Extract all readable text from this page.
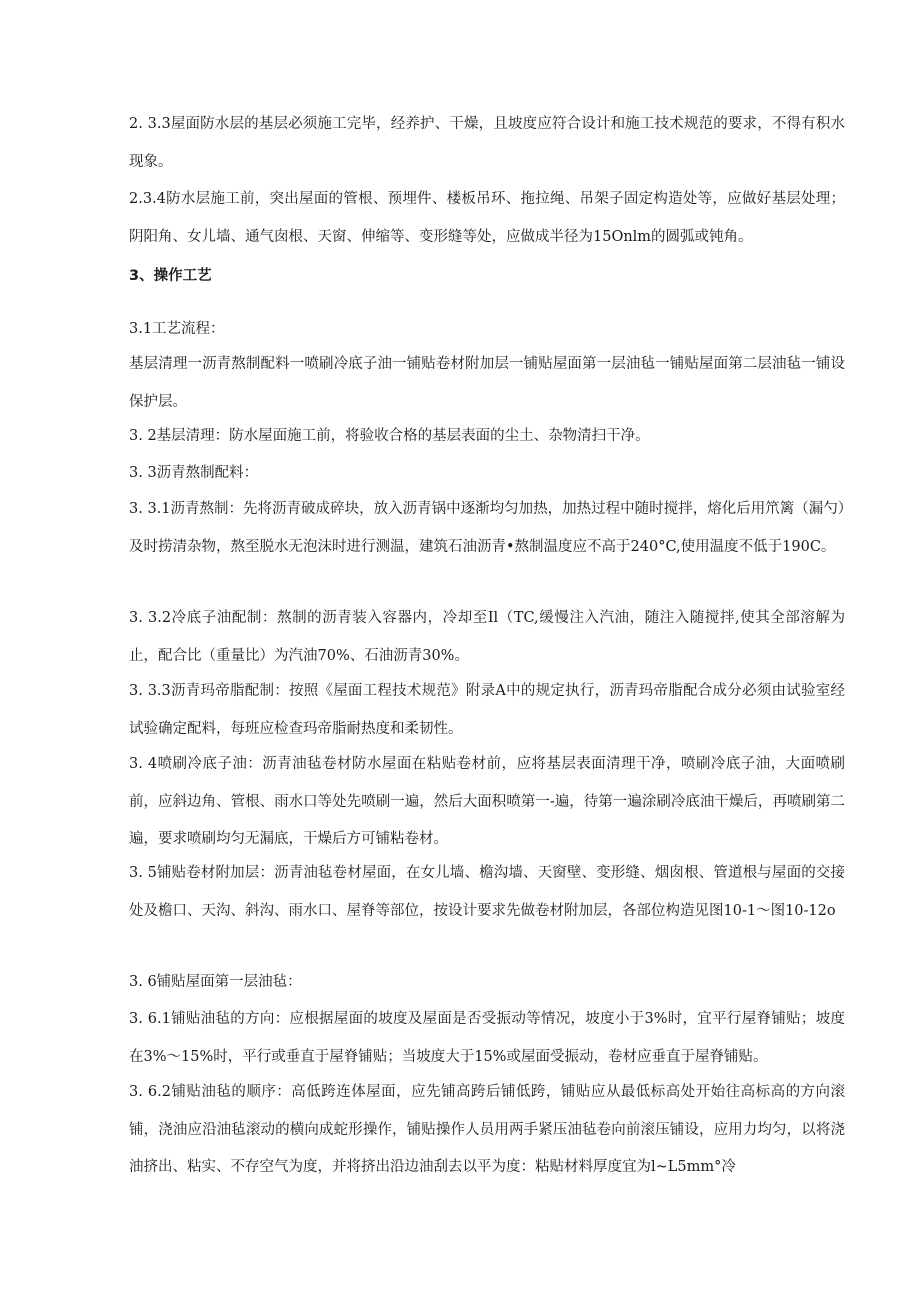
2. 3.3屋面防水层的基层必须施工完毕，经养护、干燥，且坡度应符合设计和施工技术规范的要求，不得有积水现象。

2.3.4防水层施工前，突出屋面的管根、预埋件、楼板吊环、拖拉绳、吊架子固定构造处等，应做好基层处理；阴阳角、女儿墙、通气囱根、天窗、伸缩等、变形缝等处，应做成半径为15Onlm的圆弧或钝角。

3、操作工艺

3.1工艺流程：

基层清理一沥青熬制配料一喷刷冷底子油一铺贴卷材附加层一铺贴屋面第一层油毡一铺贴屋面第二层油毡一铺设保护层。

3. 2基层清理：防水屋面施工前，将验收合格的基层表面的尘土、杂物清扫干净。

3. 3沥青熬制配料：

3. 3.1沥青熬制：先将沥青破成碎块，放入沥青锅中逐渐均匀加热，加热过程中随时搅拌，熔化后用笊篱（漏勺）及时捞清杂物，熬至脱水无泡沫时进行测温，建筑石油沥青•熬制温度应不高于240°C,使用温度不低于190C。

3. 3.2冷底子油配制：熬制的沥青装入容器内，冷却至Il（TC,缓慢注入汽油，随注入随搅拌,使其全部溶解为止，配合比（重量比）为汽油70%、石油沥青30%。

3. 3.3沥青玛帝脂配制：按照《屋面工程技术规范》附录A中的规定执行，沥青玛帝脂配合成分必须由试验室经试验确定配料，每班应检查玛帝脂耐热度和柔韧性。

3. 4喷刷冷底子油：沥青油毡卷材防水屋面在粘贴卷材前，应将基层表面清理干净，喷刷冷底子油，大面喷刷前，应斜边角、管根、雨水口等处先喷刷一遍，然后大面积喷第一-遍，待第一遍涂刷冷底油干燥后，再喷刷第二遍，要求喷刷均匀无漏底，干燥后方可铺粘卷材。

3. 5铺贴卷材附加层：沥青油毡卷材屋面，在女儿墙、檐沟墙、天窗壁、变形缝、烟囱根、管道根与屋面的交接处及檐口、天沟、斜沟、雨水口、屋脊等部位，按设计要求先做卷材附加层，各部位构造见图10-1～图10-12o

3. 6铺贴屋面第一层油毡：

3. 6.1铺贴油毡的方向：应根据屋面的坡度及屋面是否受振动等情况，坡度小于3%时，宜平行屋脊铺贴；坡度在3%～15%时，平行或垂直于屋脊铺贴；当坡度大于15%或屋面受振动，卷材应垂直于屋脊铺贴。

3. 6.2铺贴油毡的顺序：高低跨连体屋面，应先铺高跨后铺低跨，铺贴应从最低标高处开始往高标高的方向滚铺，浇油应沿油毡滚动的横向成蛇形操作，铺贴操作人员用两手紧压油毡卷向前滚压铺设，应用力均匀，以将浇油挤出、粘实、不存空气为度，并将挤出沿边油刮去以平为度：粘贴材料厚度宜为l~L5mm°冷
